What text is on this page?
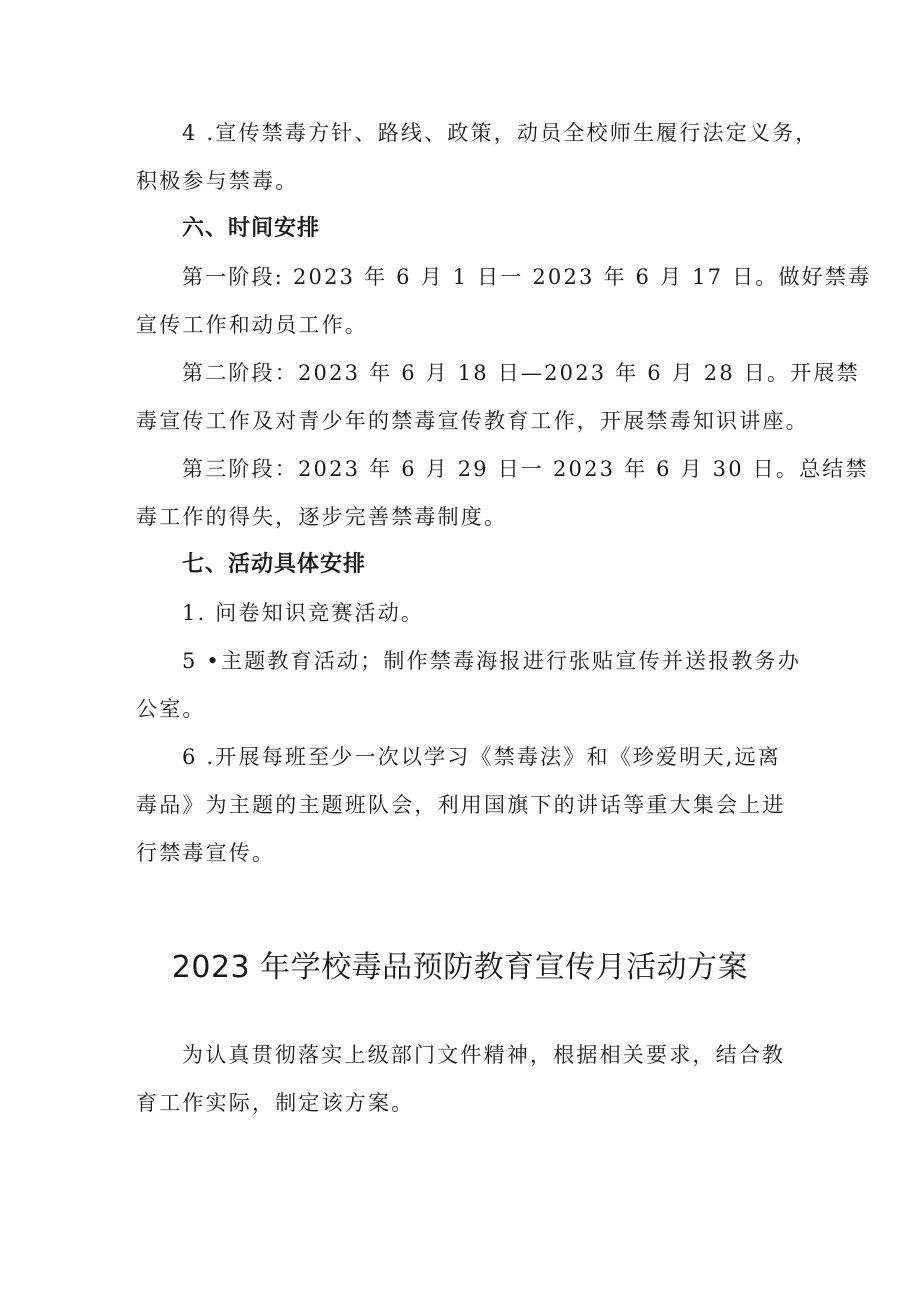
4 .宣传禁毒方针、路线、政策，动员全校师生履行法定义务，
积极参与禁毒。
六、时间安排
第一阶段: 2023 年 6 月 1 日一 2023 年 6 月 17 日。做好禁毒
宣传工作和动员工作。
第二阶段：2023 年 6 月 18 日—2023 年 6 月 28 日。开展禁
毒宣传工作及对青少年的禁毒宣传教育工作，开展禁毒知识讲座。
第三阶段：2023 年 6 月 29 日一 2023 年 6 月 30 日。总结禁
毒工作的得失，逐步完善禁毒制度。
七、活动具体安排
1. 问卷知识竞赛活动。
5 •主题教育活动；制作禁毒海报进行张贴宣传并送报教务办
公室。
6 .开展每班至少一次以学习《禁毒法》和《珍爱明天,远离
毒品》为主题的主题班队会，利用国旗下的讲话等重大集会上进
行禁毒宣传。
2023 年学校毒品预防教育宣传月活动方案
为认真贯彻落实上级部门文件精神，根据相关要求，结合教
育工作实际，制定该方案。
